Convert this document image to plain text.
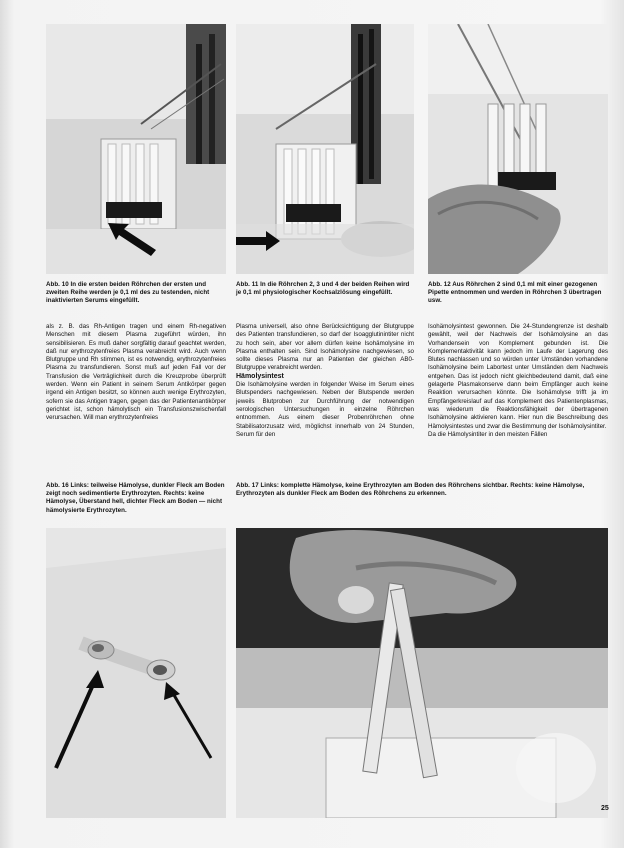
Abb. 10 In die ersten beiden Röhrchen der ersten und zweiten Reihe werden je 0,1 ml des zu testenden, nicht inaktivierten Serums eingefüllt.
Abb. 11 In die Röhrchen 2, 3 und 4 der beiden Reihen wird je 0,1 ml physiologischer Kochsalzlösung eingefüllt.
Abb. 12 Aus Röhrchen 2 sind 0,1 ml mit einer gezogenen Pipette entnommen und werden in Röhrchen 3 übertragen usw.

als z. B. das Rh-Antigen tragen und einem Rh-negativen Menschen mit diesem Plasma zugeführt würden, ihn sensibilisieren. Es muß daher sorgfältig darauf geachtet werden, daß nur erythrozytenfreies Plasma verabreicht wird. Auch wenn Blutgruppe und Rh stimmen, ist es notwendig, erythrozytenfreies Plasma zu transfundieren. Sonst muß auf jeden Fall vor der Transfusion die Verträglichkeit durch die Kreuzprobe überprüft werden. Wenn ein Patient in seinem Serum Antikörper gegen irgend ein Antigen besitzt, so können auch wenige Erythrozyten, sofern sie das Antigen tragen, gegen das der Patientenantikörper gerichtet ist, schon hämolytisch ein Transfusionszwischenfall verursachen. Will man erythrozytenfreies

Plasma universell, also ohne Berücksichtigung der Blutgruppe des Patienten transfundieren, so darf der Isoagglutinintiter nicht zu hoch sein, aber vor allem dürfen keine Isohämolysine im Plasma enthalten sein. Sind Isohämolysine nachgewiesen, so sollte dieses Plasma nur an Patienten der gleichen AB0-Blutgruppe verabreicht werden.

Hämolysintest

Die Isohämolysine werden in folgender Weise im Serum eines Blutspenders nachgewiesen. Neben der Blutspende werden jeweils Blutproben zur Durchführung der notwendigen serologischen Untersuchungen in einzelne Röhrchen entnommen. Aus einem dieser Probenröhrchen ohne Stabilisatorzusatz wird, möglichst innerhalb von 24 Stunden, Serum für den

Isohämolysintest gewonnen. Die 24-Stundengrenze ist deshalb gewählt, weil der Nachweis der Isohämolysine an das Vorhandensein von Komplement gebunden ist. Die Komplementaktivität kann jedoch im Laufe der Lagerung des Blutes nachlassen und so würden unter Umständen vorhandene Isohämolysine beim Labortest unter Umständen dem Nachweis entgehen. Das ist jedoch nicht gleichbedeutend damit, daß eine gelagerte Plasmakonserve dann beim Empfänger auch keine Reaktion verursachen könnte. Die Isohämolyse trifft ja im Empfängerkreislauf auf das Komplement des Patientenplasmas, was wiederum die Reaktionsfähigkeit der übertragenen Isohämolysine aktivieren kann. Hier nun die Beschreibung des Hämolysintestes und zwar die Bestimmung der Isohämolysintiter.

Da die Hämolysintiter in den meisten Fällen

Abb. 16 Links: teilweise Hämolyse, dunkler Fleck am Boden zeigt noch sedimentierte Erythrozyten. Rechts: keine Hämolyse, Überstand hell, dichter Fleck am Boden — nicht hämolysierte Erythrozyten.
Abb. 17 Links: komplette Hämolyse, keine Erythrozyten am Boden des Röhrchens sichtbar. Rechts: keine Hämolyse, Erythrozyten als dunkler Fleck am Boden des Röhrchens zu erkennen.
25
